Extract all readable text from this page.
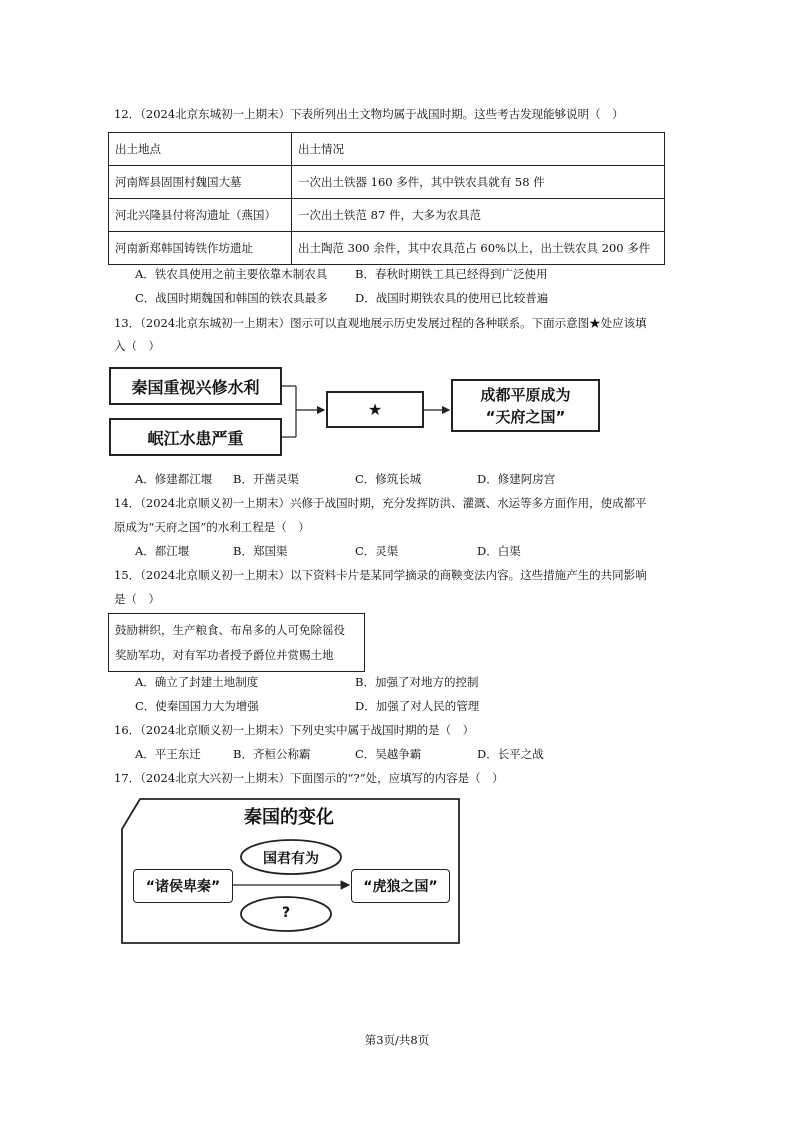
12．（2024北京东城初一上期末）下表所列出土文物均属于战国时期。这些考古发现能够说明（　）
出土地点	出土情况
河南辉县固围村魏国大墓	一次出土铁器 160 多件，其中铁农具就有 58 件
河北兴隆县付将沟遗址（燕国）	一次出土铁范 87 件，大多为农具范
河南新郑韩国铸铁作坊遗址	出土陶范 300 余件，其中农具范占 60%以上，出土铁农具 200 多件
A．铁农具使用之前主要依靠木制农具 B．春秋时期铁工具已经得到广泛使用
C．战国时期魏国和韩国的铁农具最多 D．战国时期铁农具的使用已比较普遍
13．（2024北京东城初一上期末）图示可以直观地展示历史发展过程的各种联系。下面示意图★处应该填
入（　）
秦国重视兴修水利
岷江水患严重
★
成都平原成为
“天府之国”
A．修建都江堰 B．开凿灵渠	C．修筑长城	D．修建阿房宫
14．（2024北京顺义初一上期末）兴修于战国时期，充分发挥防洪、灌溉、水运等多方面作用，使成都平
原成为“天府之国”的水利工程是（　）
A．都江堰	B．郑国渠	C．灵渠	D．白渠
15．（2024北京顺义初一上期末）以下资料卡片是某同学摘录的商鞅变法内容。这些措施产生的共同影响
是（　）
鼓励耕织，生产粮食、布帛多的人可免除徭役
奖励军功，对有军功者授予爵位并赏赐土地
A．确立了封建土地制度	B．加强了对地方的控制
C．使秦国国力大为增强	D．加强了对人民的管理
16．（2024北京顺义初一上期末）下列史实中属于战国时期的是（　）
A．平王东迁	B．齐桓公称霸	C．吴越争霸	D．长平之战
17．（2024北京大兴初一上期末）下面图示的“?”处，应填写的内容是（　）
秦国的变化
国君有为
“诸侯卑秦”	“虎狼之国”
?
第3页/共8页
